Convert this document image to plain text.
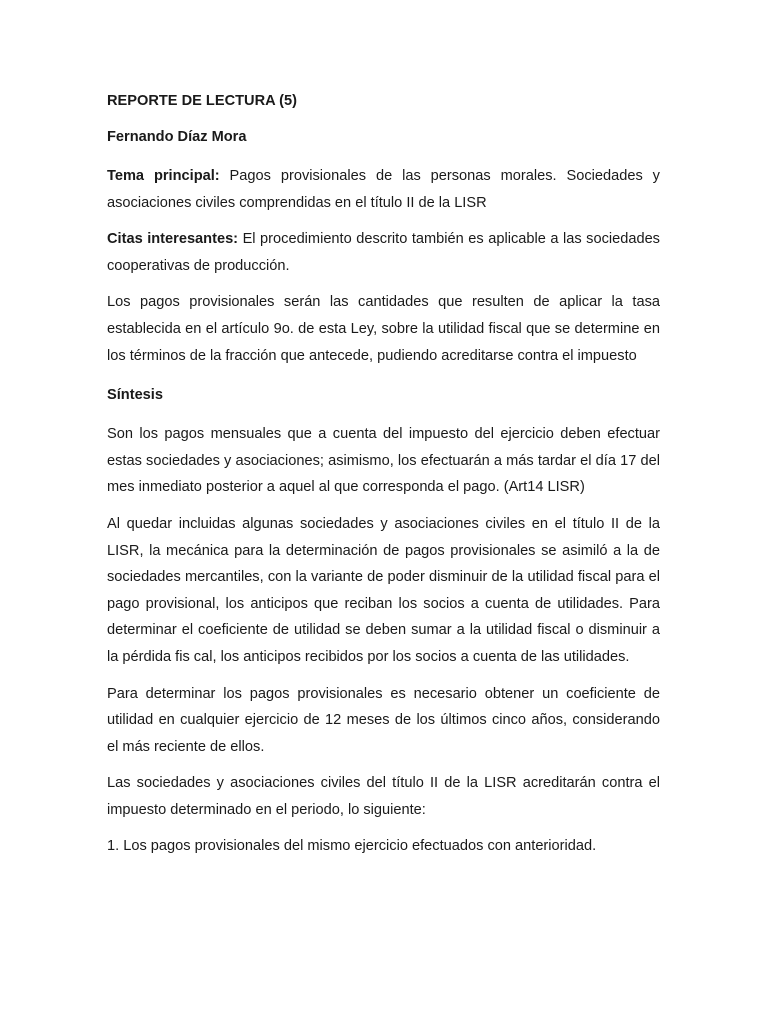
REPORTE DE LECTURA (5)

Fernando Díaz Mora

Tema principal: Pagos provisionales de las personas morales. Sociedades y asociaciones civiles comprendidas en el título II de la LISR

Citas interesantes: El procedimiento descrito también es aplicable a las sociedades cooperativas de producción.

Los pagos provisionales serán las cantidades que resulten de aplicar la tasa establecida en el artículo 9o. de esta Ley, sobre la utilidad fiscal que se determine en los términos de la fracción que antecede, pudiendo acreditarse contra el impuesto

Síntesis

Son los pagos mensuales que a cuenta del impuesto del ejercicio deben efectuar estas sociedades y asociaciones; asimismo, los efectuarán a más tardar el día 17 del mes inmediato posterior a aquel al que corresponda el pago. (Art14 LISR)

Al quedar incluidas algunas sociedades y asociaciones civiles en el título II de la LISR, la mecánica para la determinación de pagos provisionales se asimiló a la de sociedades mercantiles, con la variante de poder disminuir de la utilidad fiscal para el pago provisional, los anticipos que reciban los socios a cuenta de utilidades. Para determinar el coeficiente de utilidad se deben sumar a la utilidad fiscal o disminuir a la pérdida fis cal, los anticipos recibidos por los socios a cuenta de las utilidades.

Para determinar los pagos provisionales es necesario obtener un coeficiente de utilidad en cualquier ejercicio de 12 meses de los últimos cinco años, considerando el más reciente de ellos.

Las sociedades y asociaciones civiles del título II de la LISR acreditarán contra el impuesto determinado en el periodo, lo siguiente:

1. Los pagos provisionales del mismo ejercicio efectuados con anterioridad.
